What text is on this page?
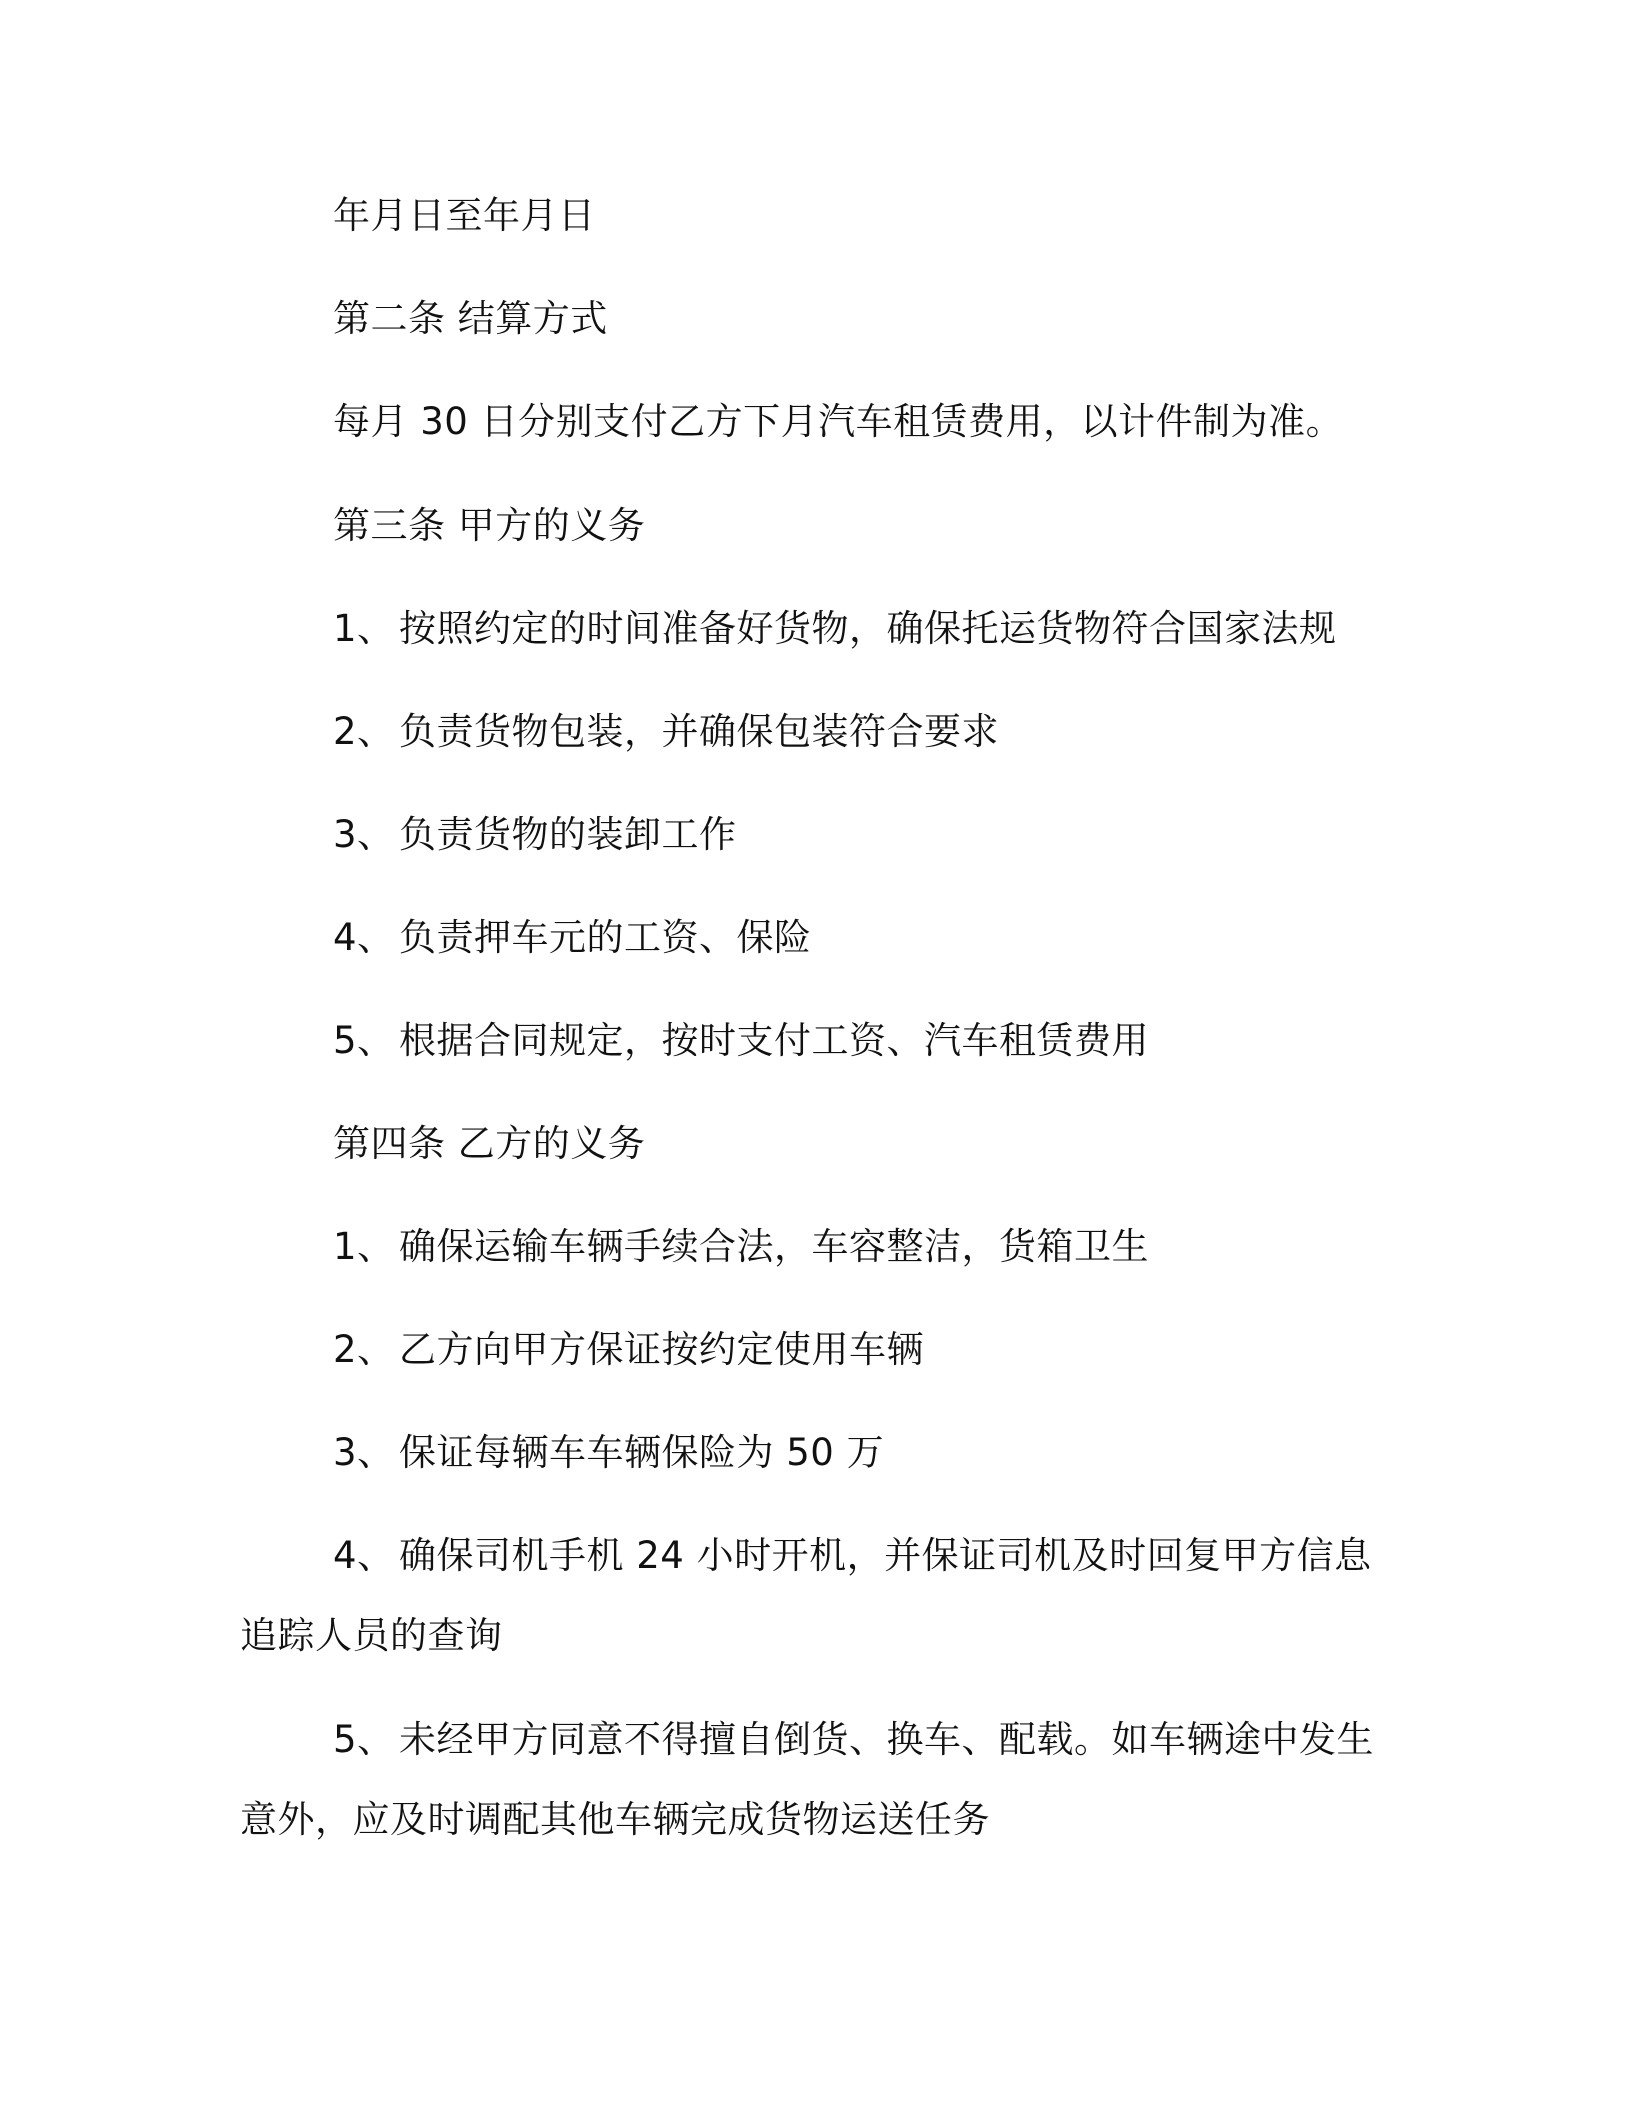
年月日至年月日
第二条 结算方式
每月 30 日分别支付乙方下月汽车租赁费用，以计件制为准。
第三条 甲方的义务
1、 按照约定的时间准备好货物，确保托运货物符合国家法规
2、 负责货物包装，并确保包装符合要求
3、 负责货物的装卸工作
4、 负责押车元的工资、保险
5、 根据合同规定，按时支付工资、汽车租赁费用
第四条 乙方的义务
1、 确保运输车辆手续合法，车容整洁，货箱卫生
2、 乙方向甲方保证按约定使用车辆
3、 保证每辆车车辆保险为 50 万
4、 确保司机手机 24 小时开机，并保证司机及时回复甲方信息
追踪人员的查询
5、 未经甲方同意不得擅自倒货、换车、配载。如车辆途中发生
意外，应及时调配其他车辆完成货物运送任务
